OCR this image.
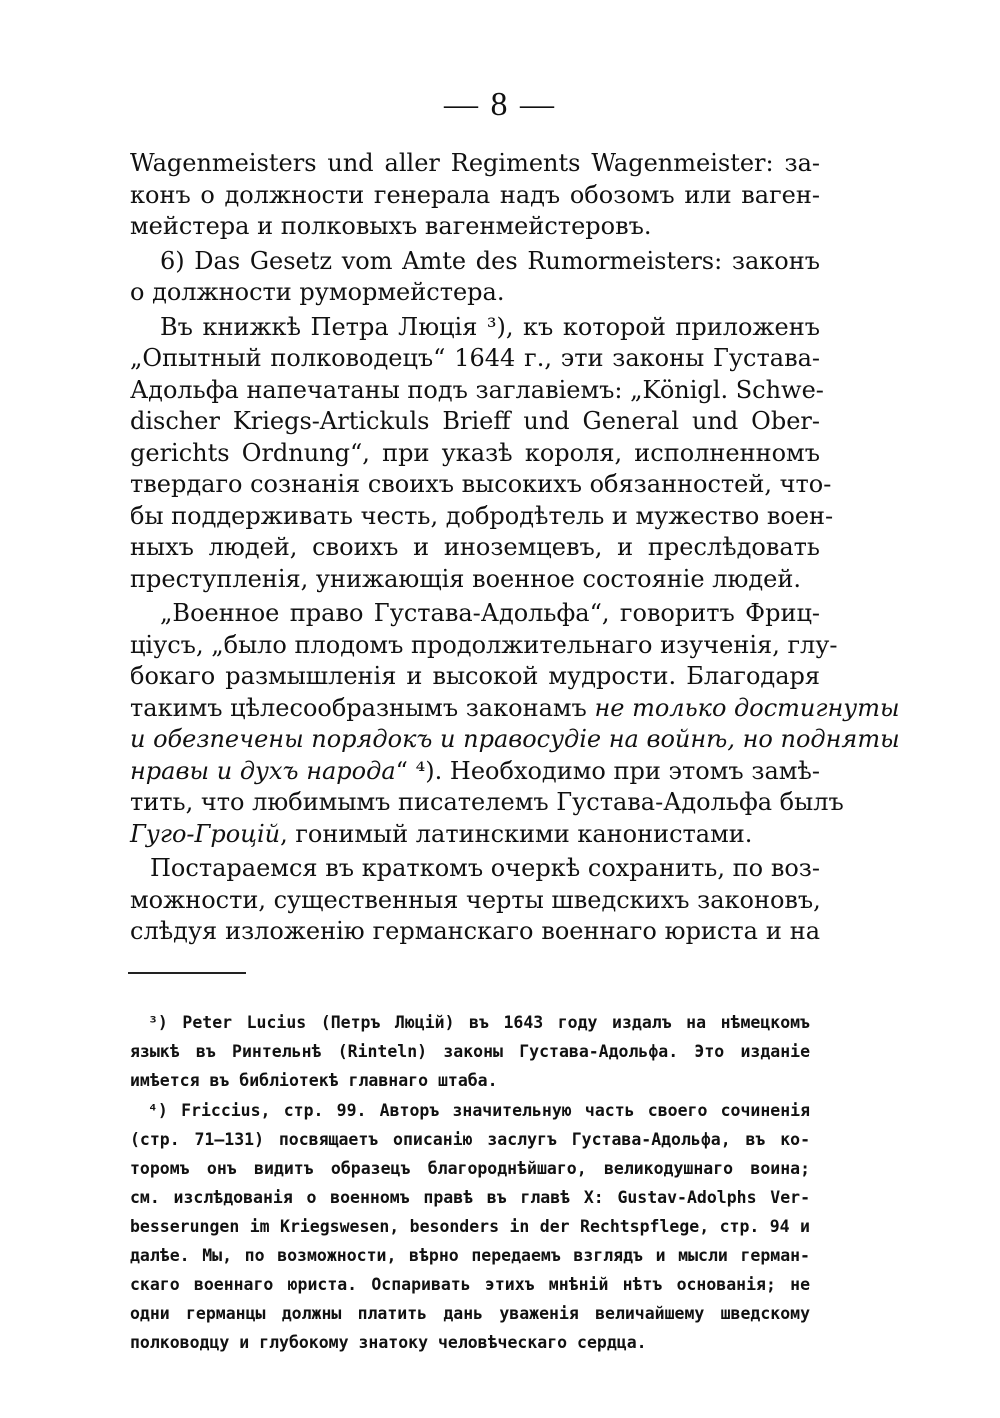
— 8 —
Wagenmeisters und aller Regiments Wagenmeister: за-
конъ о должности генерала надъ обозомъ или ваген-
мейстера и полковыхъ вагенмейстеровъ.
6) Das Gesetz vom Amte des Rumormeisters: законъ
о должности румормейстера.
Въ книжкѣ Петра Люція ³), къ которой приложенъ
„Опытный полководецъ“ 1644 г., эти законы Густава-
Адольфа напечатаны подъ заглавіемъ: „Königl. Schwe-
discher Kriegs-Artickuls Brieff und General und Ober-
gerichts Ordnung“, при указѣ короля, исполненномъ
твердаго сознанія своихъ высокихъ обязанностей, что-
бы поддерживать честь, добродѣтель и мужество воен-
ныхъ людей, своихъ и иноземцевъ, и преслѣдовать
преступленія, унижающія военное состояніе людей.
„Военное право Густава-Адольфа“, говоритъ Фриц-
ціусъ, „было плодомъ продолжительнаго изученія, глу-
бокаго размышленія и высокой мудрости. Благодаря
такимъ цѣлесообразнымъ законамъ не только достигнуты
и обезпечены порядокъ и правосудіе на войнѣ, но подняты
нравы и духъ народа“ ⁴). Необходимо при этомъ замѣ-
тить, что любимымъ писателемъ Густава-Адольфа былъ
Гуго-Гроцій, гонимый латинскими канонистами.
Постараемся въ краткомъ очеркѣ сохранить, по воз-
можности, существенныя черты шведскихъ законовъ,
слѣдуя изложенію германскаго военнаго юриста и на
³) Peter Lucius (Петръ Люцій) въ 1643 году издалъ на нѣмецкомъ
языкѣ въ Ринтельнѣ (Rinteln) законы Густава-Адольфа. Это изданіе
имѣется въ библіотекѣ главнаго штаба.
⁴) Friccius, стр. 99. Авторъ значительную часть своего сочиненія
(стр. 71—131) посвящаетъ описанію заслугъ Густава-Адольфа, въ ко-
торомъ онъ видитъ образецъ благороднѣйшаго, великодушнаго воина;
см. изслѣдованія о военномъ правѣ въ главѣ X: Gustav-Adolphs Ver-
besserungen im Kriegswesen, besonders in der Rechtspflege, стр. 94 и
далѣе. Мы, по возможности, вѣрно передаемъ взглядъ и мысли герман-
скаго военнаго юриста. Оспаривать этихъ мнѣній нѣтъ основанія; не
одни германцы должны платить дань уваженія величайшему шведскому
полководцу и глубокому знатоку человѣческаго сердца.
